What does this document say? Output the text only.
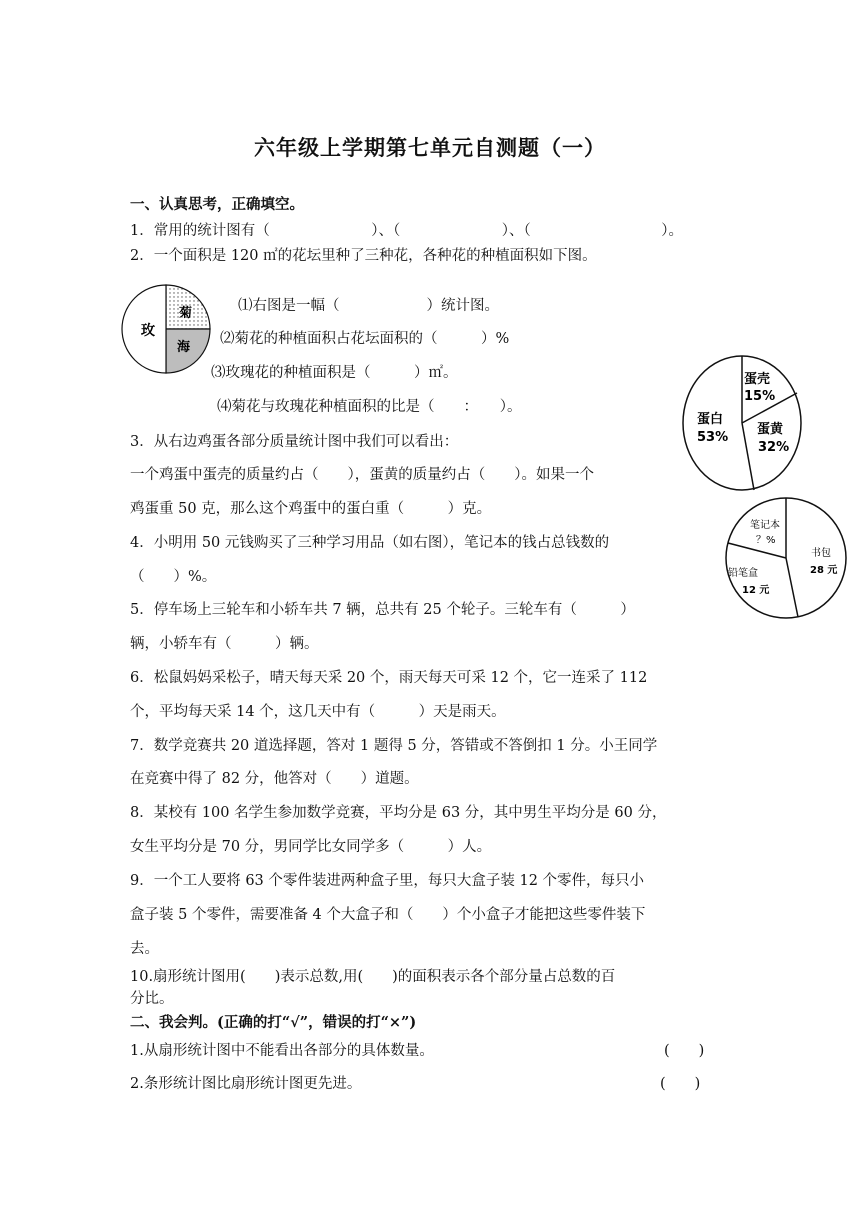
六年级上学期第七单元自测题（一）
一、认真思考，正确填空。
1．常用的统计图有（　　　　　　　）、（　　　　　　　）、（　　　　　　　　　）。
2．一个面积是 120 ㎡的花坛里种了三种花，各种花的种植面积如下图。
玫
菊
海
⑴右图是一幅（　　　　　　）统计图。
⑵菊花的种植面积占花坛面积的（　　　）%
⑶玫瑰花的种植面积是（　　　）㎡。
⑷菊花与玫瑰花种植面积的比是（　　：　　）。
蛋壳
15%
蛋黄
32%
蛋白
53%
3．从右边鸡蛋各部分质量统计图中我们可以看出：
一个鸡蛋中蛋壳的质量约占（　　），蛋黄的质量约占（　　）。如果一个
鸡蛋重 50 克，那么这个鸡蛋中的蛋白重（　　　）克。
笔记本
？%
书包
28 元
铅笔盒
12 元
4．小明用 50 元钱购买了三种学习用品（如右图），笔记本的钱占总钱数的
（　　）%。
5．停车场上三轮车和小轿车共 7 辆，总共有 25 个轮子。三轮车有（　　　）
辆，小轿车有（　　　）辆。
6．松鼠妈妈采松子，晴天每天采 20 个，雨天每天可采 12 个，它一连采了 112
个，平均每天采 14 个，这几天中有（　　　）天是雨天。
7．数学竞赛共 20 道选择题，答对 1 题得 5 分，答错或不答倒扣 1 分。小王同学
在竞赛中得了 82 分，他答对（　　）道题。
8．某校有 100 名学生参加数学竞赛，平均分是 63 分，其中男生平均分是 60 分，
女生平均分是 70 分，男同学比女同学多（　　　）人。
9．一个工人要将 63 个零件装进两种盒子里，每只大盒子装 12 个零件，每只小
盒子装 5 个零件，需要准备 4 个大盒子和（　　）个小盒子才能把这些零件装下
去。
10.扇形统计图用(　　)表示总数,用(　　)的面积表示各个部分量占总数的百
分比。
二、我会判。(正确的打“√”，错误的打“×”)
1.从扇形统计图中不能看出各部分的具体数量。	(　　)
2.条形统计图比扇形统计图更先进。	(　　)
